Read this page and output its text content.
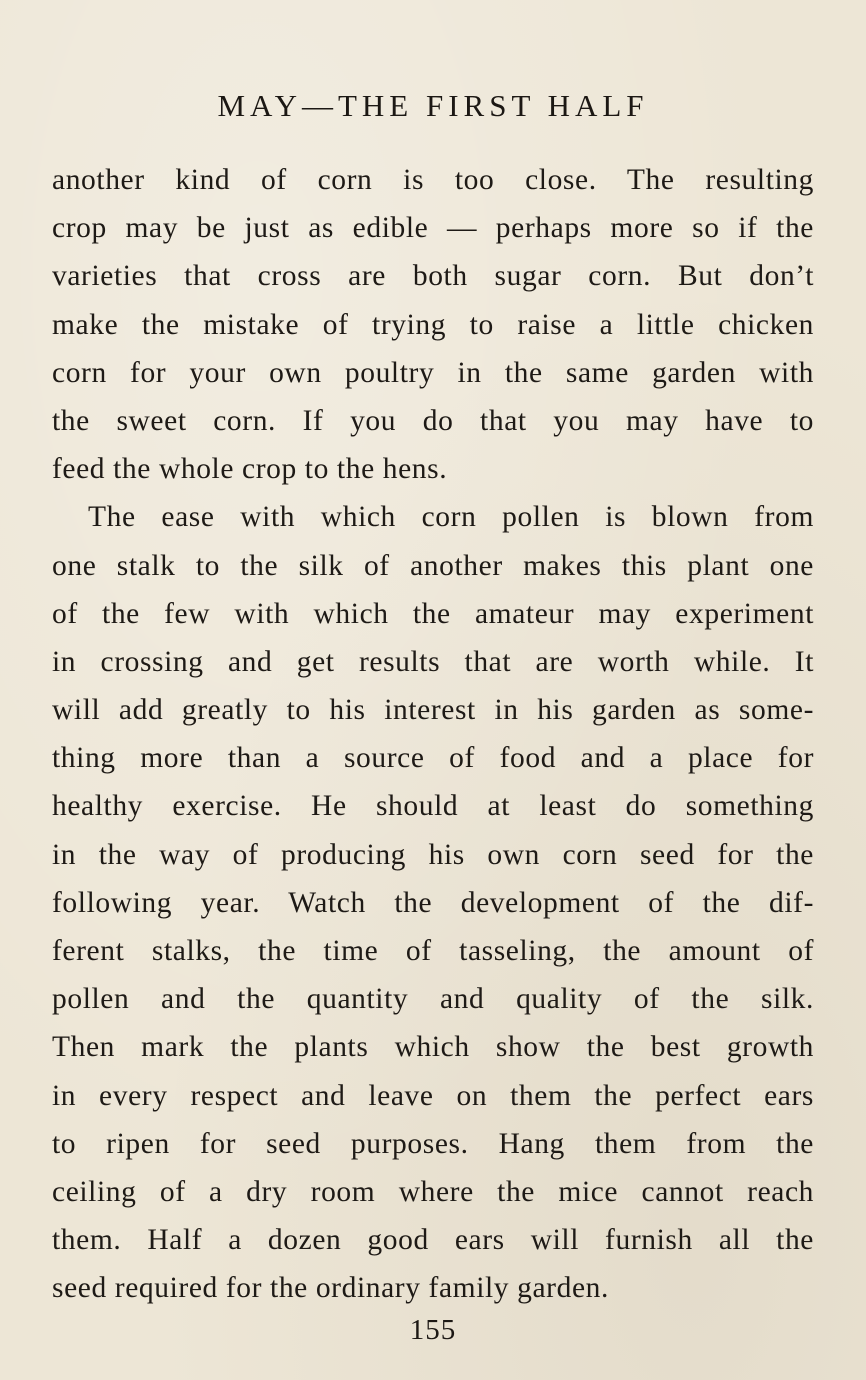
MAY—THE FIRST HALF
another kind of corn is too close. The resulting
crop may be just as edible — perhaps more so if the
varieties that cross are both sugar corn. But don’t
make the mistake of trying to raise a little chicken
corn for your own poultry in the same garden with
the sweet corn. If you do that you may have to
feed the whole crop to the hens.
The ease with which corn pollen is blown from
one stalk to the silk of another makes this plant one
of the few with which the amateur may experiment
in crossing and get results that are worth while. It
will add greatly to his interest in his garden as some-
thing more than a source of food and a place for
healthy exercise. He should at least do something
in the way of producing his own corn seed for the
following year. Watch the development of the dif-
ferent stalks, the time of tasseling, the amount of
pollen and the quantity and quality of the silk.
Then mark the plants which show the best growth
in every respect and leave on them the perfect ears
to ripen for seed purposes. Hang them from the
ceiling of a dry room where the mice cannot reach
them. Half a dozen good ears will furnish all the
seed required for the ordinary family garden.
155
